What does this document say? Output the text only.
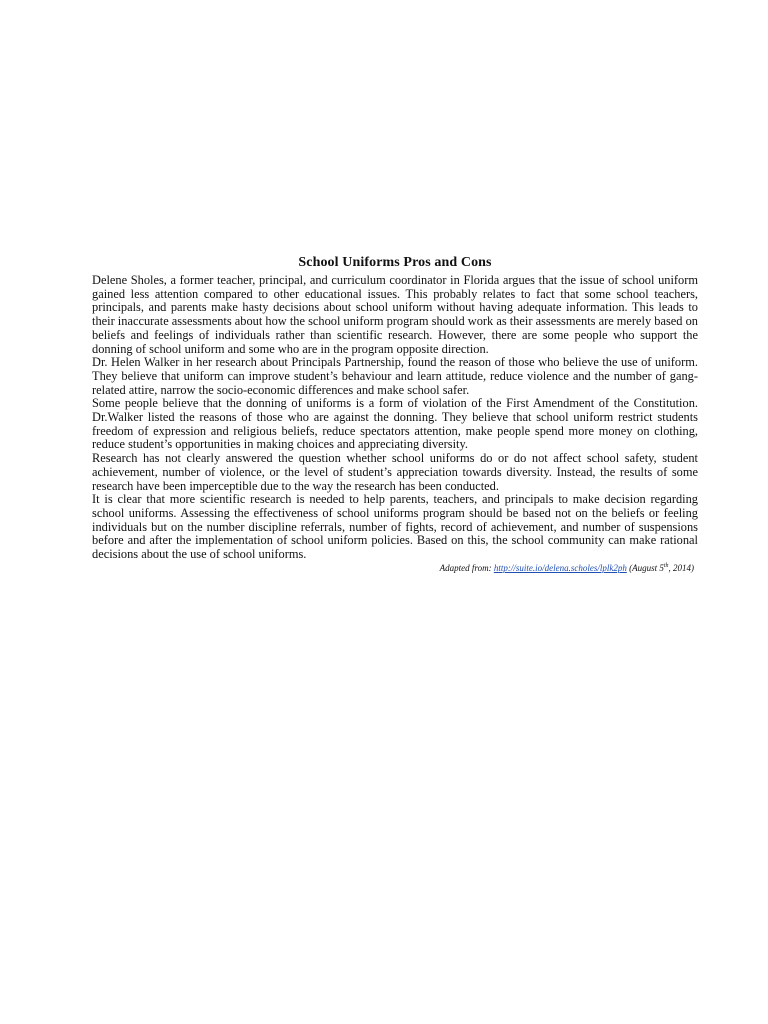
School Uniforms Pros and Cons

Delene Sholes, a former teacher, principal, and curriculum coordinator in Florida argues that the issue of school uniform gained less attention compared to other educational issues. This probably relates to fact that some school teachers, principals, and parents make hasty decisions about school uniform without having adequate information. This leads to their inaccurate assessments about how the school uniform program should work as their assessments are merely based on beliefs and feelings of individuals rather than scientific research. However, there are some people who support the donning of school uniform and some who are in the program opposite direction.

Dr. Helen Walker in her research about Principals Partnership, found the reason of those who believe the use of uniform. They believe that uniform can improve student’s behaviour and learn attitude, reduce violence and the number of gang-related attire, narrow the socio-economic differences and make school safer.

Some people believe that the donning of uniforms is a form of violation of the First Amendment of the Constitution. Dr.Walker listed the reasons of those who are against the donning. They believe that school uniform restrict students freedom of expression and religious beliefs, reduce spectators attention, make people spend more money on clothing, reduce student’s opportunities in making choices and appreciating diversity.

Research has not clearly answered the question whether school uniforms do or do not affect school safety, student achievement, number of violence, or the level of student’s appreciation towards diversity. Instead, the results of some research have been imperceptible due to the way the research has been conducted.

It is clear that more scientific research is needed to help parents, teachers, and principals to make decision regarding school uniforms. Assessing the effectiveness of school uniforms program should be based not on the beliefs or feeling individuals but on the number discipline referrals, number of fights, record of achievement, and number of suspensions before and after the implementation of school uniform policies. Based on this, the school community can make rational decisions about the use of school uniforms.

Adapted from: http://suite.io/delena.scholes/lplk2ph (August 5th, 2014)
